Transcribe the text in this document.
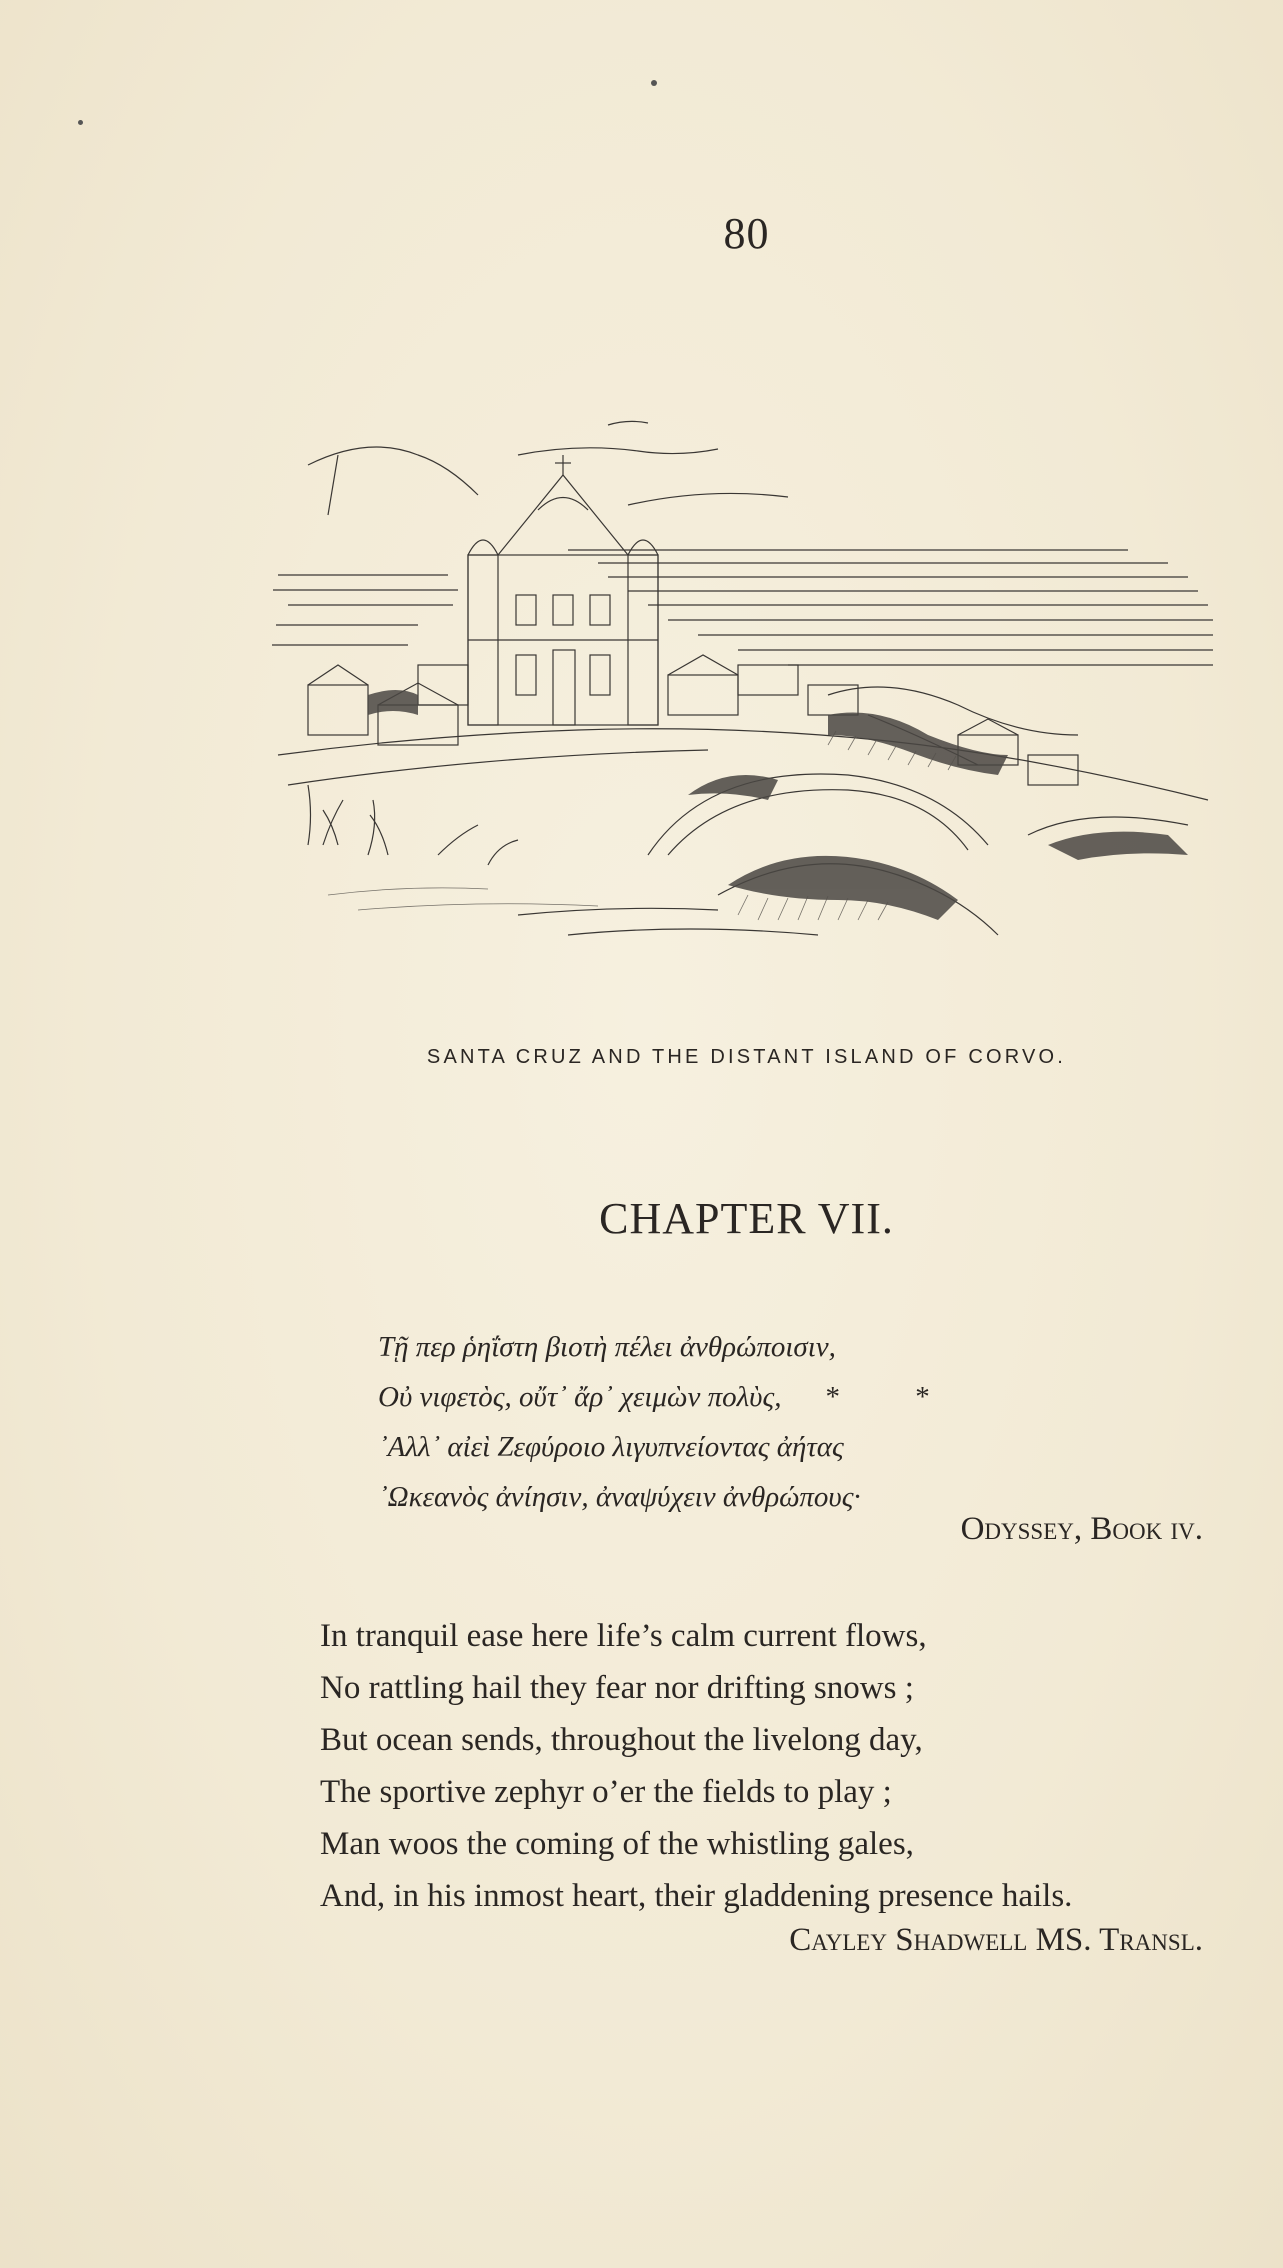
80
SANTA CRUZ AND THE DISTANT ISLAND OF CORVO.
CHAPTER VII.
Τῇ περ ῥηΐστη βιοτὴ πέλει ἀνθρώποισιν,
Οὐ νιφετὸς, οὔτ᾽ ἄρ᾽ χειμὼν πολὺς, * *
᾽Αλλ᾽ αἰεὶ Ζεφύροιο λιγυπνείοντας ἀήτας
᾽Ωκεανὸς ἀνίησιν, ἀναψύχειν ἀνθρώπους·
Odyssey, Book iv.
In tranquil ease here life’s calm current flows,
No rattling hail they fear nor drifting snows ;
But ocean sends, throughout the livelong day,
The sportive zephyr o’er the fields to play ;
Man woos the coming of the whistling gales,
And, in his inmost heart, their gladdening presence hails.
Cayley Shadwell MS. Transl.
